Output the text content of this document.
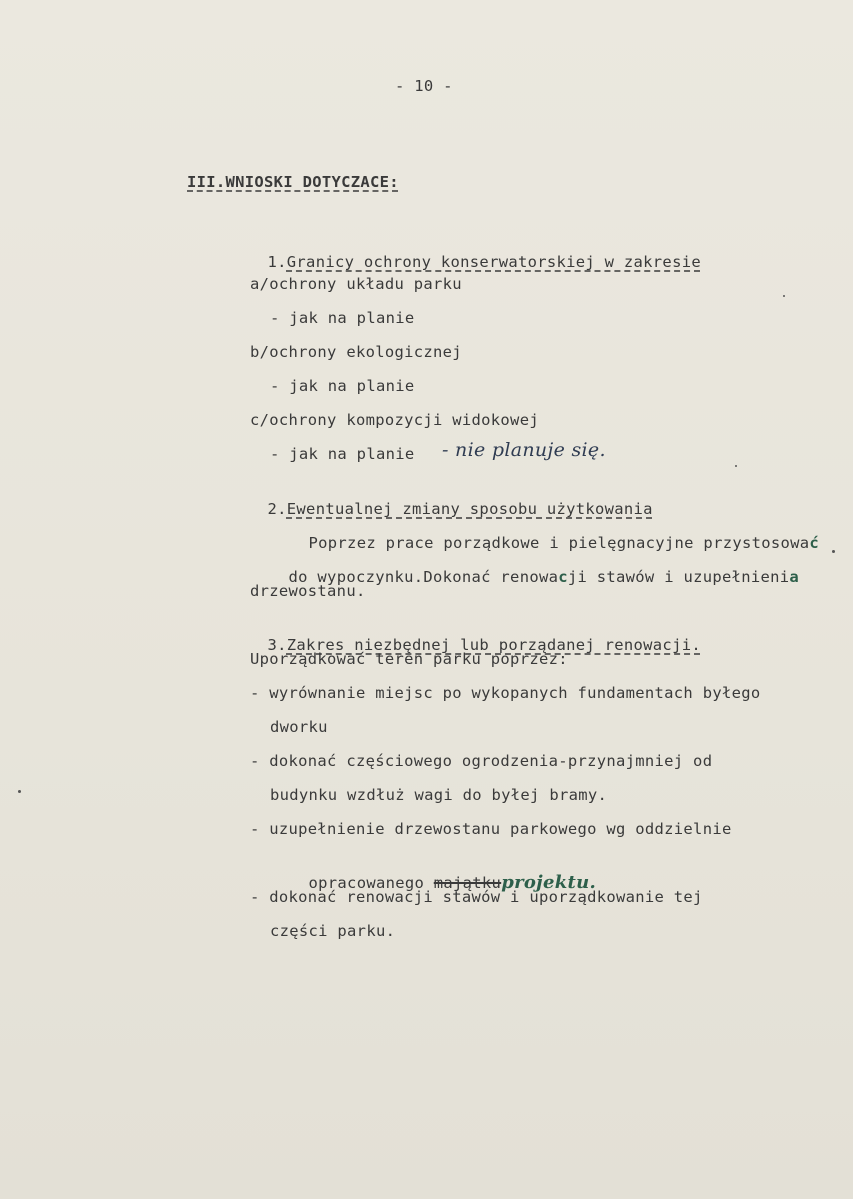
- 10 -
III.WNIOSKI DOTYCZACE:

1.Granicy ochrony konserwatorskiej w zakresie

a/ochrony układu parku
- jak na planie
b/ochrony ekologicznej
- jak na planie
c/ochrony kompozycji widokowej
- jak na planie - nie planuje się.

2.Ewentualnej zmiany sposobu użytkowania

Poprzez prace porządkowe i pielęgnacyjne przystosować

do wypoczynku.Dokonać renowacji stawów i uzupełnienia

drzewostanu.

3.Zakres niezbędnej lub porządanej renowacji.

Uporządkować teren parku poprzez:
- wyrównanie miejsc po wykopanych fundamentach byłego
dworku
- dokonać częściowego ogrodzenia-przynajmniej od
budynku wzdłuż wagi do byłej bramy.
- uzupełnienie drzewostanu parkowego wg oddzielnie

opracowanego majątkuprojektu.

- dokonać renowacji stawów i uporządkowanie tej
części parku.
